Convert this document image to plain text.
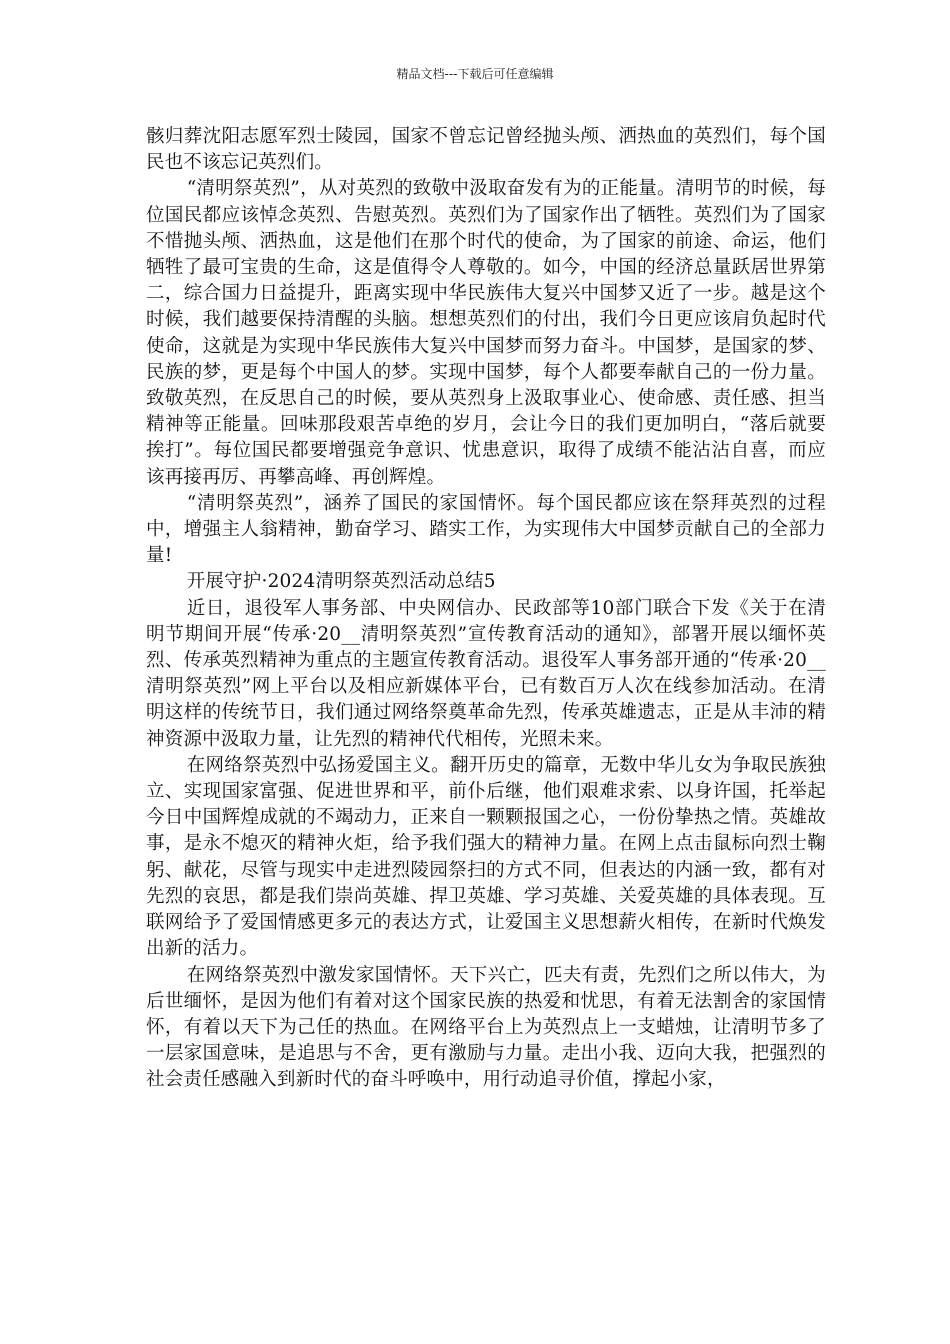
精品文档---下载后可任意编辑

骸归葬沈阳志愿军烈士陵园，国家不曾忘记曾经抛头颅、洒热血的英烈们，每个国民也不该忘记英烈们。

“清明祭英烈”，从对英烈的致敬中汲取奋发有为的正能量。清明节的时候，每位国民都应该悼念英烈、告慰英烈。英烈们为了国家作出了牺牲。英烈们为了国家不惜抛头颅、洒热血，这是他们在那个时代的使命，为了国家的前途、命运，他们牺牲了最可宝贵的生命，这是值得令人尊敬的。如今，中国的经济总量跃居世界第二，综合国力日益提升，距离实现中华民族伟大复兴中国梦又近了一步。越是这个时候，我们越要保持清醒的头脑。想想英烈们的付出，我们今日更应该肩负起时代使命，这就是为实现中华民族伟大复兴中国梦而努力奋斗。中国梦，是国家的梦、民族的梦，更是每个中国人的梦。实现中国梦，每个人都要奉献自己的一份力量。致敬英烈，在反思自己的时候，要从英烈身上汲取事业心、使命感、责任感、担当精神等正能量。回味那段艰苦卓绝的岁月，会让今日的我们更加明白，“落后就要挨打”。每位国民都要增强竞争意识、忧患意识，取得了成绩不能沾沾自喜，而应该再接再厉、再攀高峰、再创辉煌。

“清明祭英烈”，涵养了国民的家国情怀。每个国民都应该在祭拜英烈的过程中，增强主人翁精神，勤奋学习、踏实工作，为实现伟大中国梦贡献自己的全部力量!

开展守护·2024清明祭英烈活动总结5

近日，退役军人事务部、中央网信办、民政部等10部门联合下发《关于在清明节期间开展“传承·20__清明祭英烈”宣传教育活动的通知》，部署开展以缅怀英烈、传承英烈精神为重点的主题宣传教育活动。退役军人事务部开通的“传承·20__清明祭英烈”网上平台以及相应新媒体平台，已有数百万人次在线参加活动。在清明这样的传统节日，我们通过网络祭奠革命先烈，传承英雄遗志，正是从丰沛的精神资源中汲取力量，让先烈的精神代代相传，光照未来。

在网络祭英烈中弘扬爱国主义。翻开历史的篇章，无数中华儿女为争取民族独立、实现国家富强、促进世界和平，前仆后继，他们艰难求索、以身许国，托举起今日中国辉煌成就的不竭动力，正来自一颗颗报国之心，一份份挚热之情。英雄故事，是永不熄灭的精神火炬，给予我们强大的精神力量。在网上点击鼠标向烈士鞠躬、献花，尽管与现实中走进烈陵园祭扫的方式不同，但表达的内涵一致，都有对先烈的哀思，都是我们崇尚英雄、捍卫英雄、学习英雄、关爱英雄的具体表现。互联网给予了爱国情感更多元的表达方式，让爱国主义思想薪火相传，在新时代焕发出新的活力。

在网络祭英烈中激发家国情怀。天下兴亡，匹夫有责，先烈们之所以伟大，为后世缅怀，是因为他们有着对这个国家民族的热爱和忧思，有着无法割舍的家国情怀，有着以天下为己任的热血。在网络平台上为英烈点上一支蜡烛，让清明节多了一层家国意味，是追思与不舍，更有激励与力量。走出小我、迈向大我，把强烈的社会责任感融入到新时代的奋斗呼唤中，用行动追寻价值，撑起小家，
